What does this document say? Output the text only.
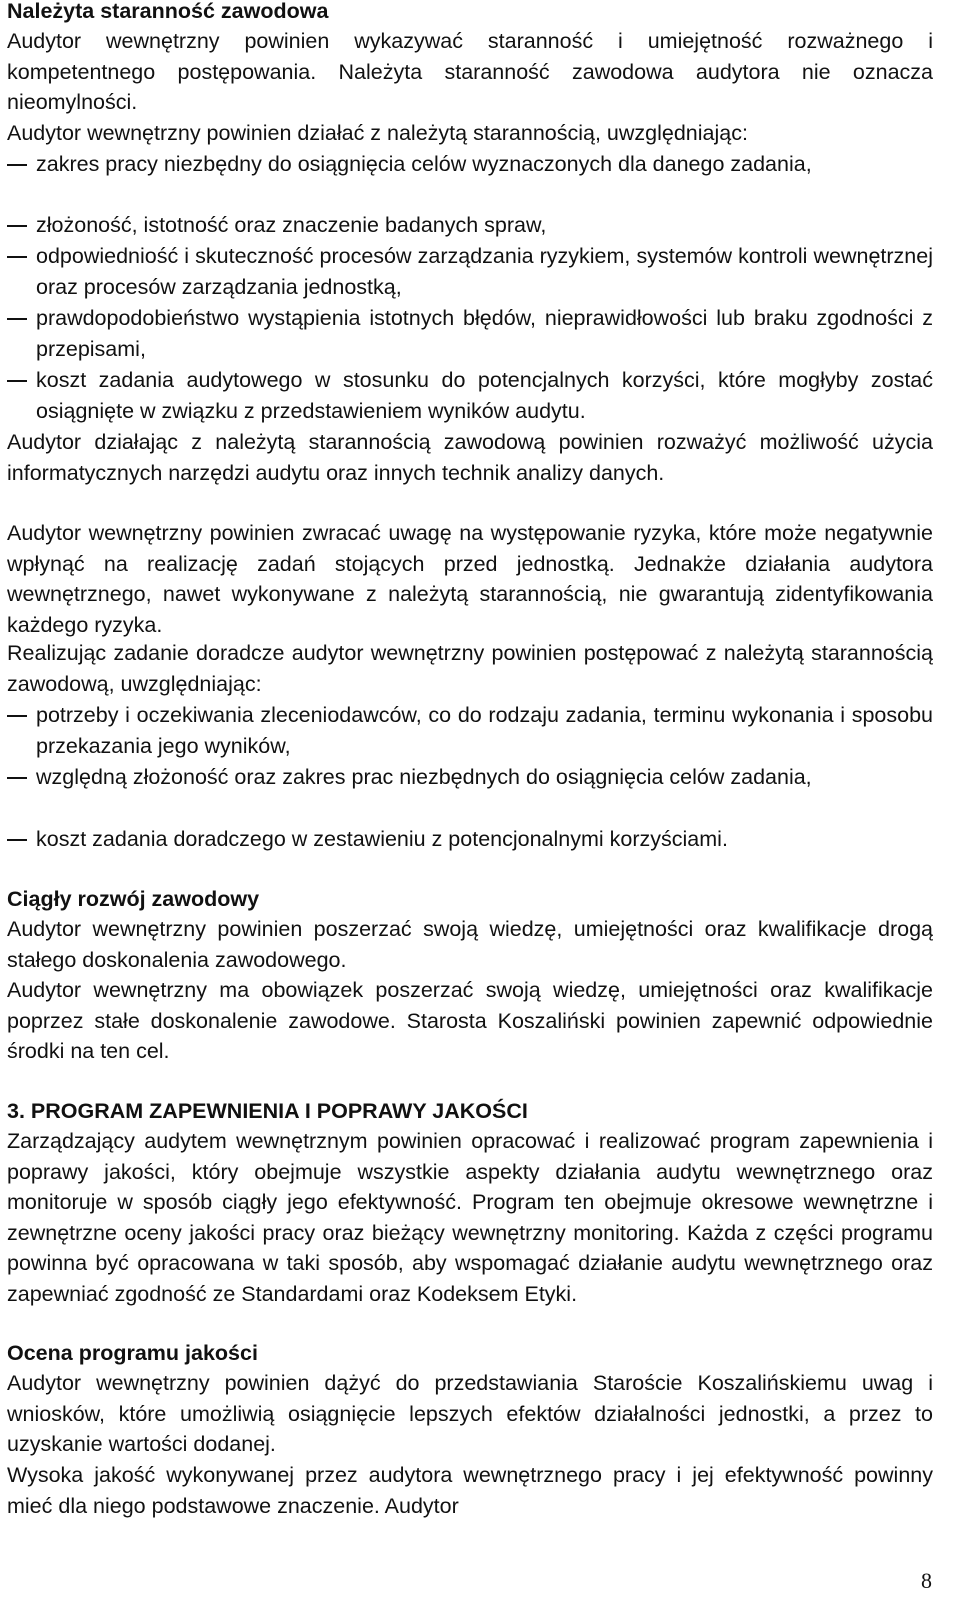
Należyta staranność zawodowa
Audytor wewnętrzny powinien wykazywać staranność i umiejętność rozważnego i kompetentnego postępowania. Należyta staranność zawodowa audytora nie oznacza nieomylności.
Audytor wewnętrzny powinien działać z należytą starannością, uwzględniając:
zakres pracy niezbędny do osiągnięcia celów wyznaczonych dla danego zadania,
złożoność, istotność oraz znaczenie badanych spraw,
odpowiedniość i skuteczność procesów zarządzania ryzykiem, systemów kontroli wewnętrznej oraz procesów zarządzania jednostką,
prawdopodobieństwo wystąpienia istotnych błędów, nieprawidłowości lub braku zgodności z przepisami,
koszt zadania audytowego w stosunku do potencjalnych korzyści, które mogłyby zostać osiągnięte w związku z przedstawieniem wyników audytu.
Audytor działając z należytą starannością zawodową powinien rozważyć możliwość użycia informatycznych narzędzi audytu oraz innych technik analizy danych.
Audytor wewnętrzny powinien zwracać uwagę na występowanie ryzyka, które może negatywnie wpłynąć na realizację zadań stojących przed jednostką. Jednakże działania audytora wewnętrznego, nawet wykonywane z należytą starannością, nie gwarantują zidentyfikowania każdego ryzyka.
Realizując zadanie doradcze audytor wewnętrzny powinien postępować z należytą starannością zawodową, uwzględniając:
potrzeby i oczekiwania zleceniodawców, co do rodzaju zadania, terminu wykonania i sposobu przekazania jego wyników,
względną złożoność oraz zakres prac niezbędnych do osiągnięcia celów zadania,
koszt zadania doradczego w zestawieniu z potencjonalnymi korzyściami.
Ciągły rozwój zawodowy
Audytor wewnętrzny powinien poszerzać swoją wiedzę, umiejętności oraz kwalifikacje drogą stałego doskonalenia zawodowego.
Audytor wewnętrzny ma obowiązek poszerzać swoją wiedzę, umiejętności oraz kwalifikacje poprzez stałe doskonalenie zawodowe. Starosta Koszaliński powinien zapewnić odpowiednie środki na ten cel.
3. PROGRAM ZAPEWNIENIA I POPRAWY JAKOŚCI
Zarządzający audytem wewnętrznym powinien opracować i realizować program zapewnienia i poprawy jakości, który obejmuje wszystkie aspekty działania audytu wewnętrznego oraz monitoruje w sposób ciągły jego efektywność. Program ten obejmuje okresowe wewnętrzne i zewnętrzne oceny jakości pracy oraz bieżący wewnętrzny monitoring. Każda z części programu powinna być opracowana w taki sposób, aby wspomagać działanie audytu wewnętrznego oraz zapewniać zgodność ze Standardami oraz Kodeksem Etyki.
Ocena programu jakości
Audytor wewnętrzny powinien dążyć do przedstawiania Staroście Koszalińskiemu uwag i wniosków, które umożliwią osiągnięcie lepszych efektów działalności jednostki, a przez to uzyskanie wartości dodanej.
Wysoka jakość wykonywanej przez audytora wewnętrznego pracy i jej efektywność powinny mieć dla niego podstawowe znaczenie. Audytor
8
